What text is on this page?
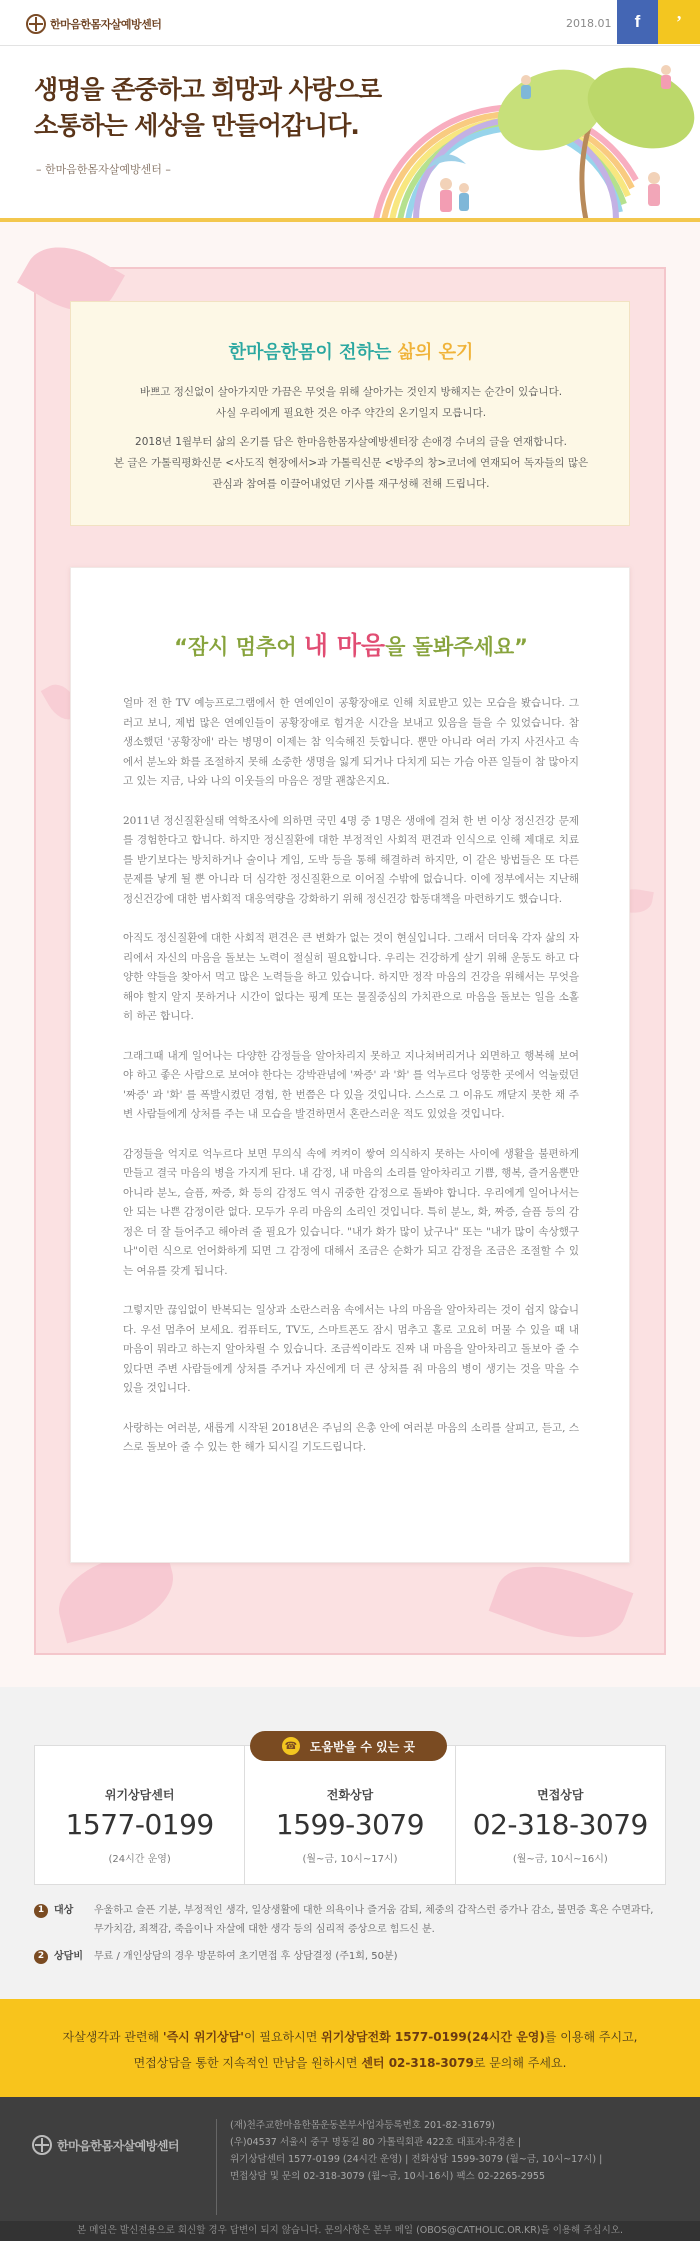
한마음한몸자살예방센터	2018.01 f ’
생명을 존중하고 희망과 사랑으로
소통하는 세상을 만들어갑니다.
– 한마음한몸자살예방센터 –
한마음한몸이 전하는 삶의 온기

바쁘고 정신없이 살아가지만 가끔은 무엇을 위해 살아가는 것인지 방해지는 순간이 있습니다.
사실 우리에게 필요한 것은 아주 약간의 온기일지 모릅니다.

2018년 1월부터 삶의 온기를 담은 한마음한몸자살예방센터장 손애경 수녀의 글을 연재합니다.
본 글은 가톨릭평화신문 <사도직 현장에서>과 가톨릭신문 <방주의 창>코너에 연재되어 독자들의 많은
관심과 참여를 이끌어내었던 기사를 재구성해 전해 드립니다.

“잠시 멈추어 내 마음을 돌봐주세요”

얼마 전 한 TV 예능프로그램에서 한 연예인이 공황장애로 인해 치료받고 있는 모습을 봤습니다. 그러고 보니, 제법 많은 연예인들이 공황장애로 힘겨운 시간을 보내고 있음을 들을 수 있었습니다. 참 생소했던 '공황장애' 라는 병명이 이제는 참 익숙해진 듯합니다. 뿐만 아니라 여러 가지 사건사고 속에서 분노와 화를 조절하지 못해 소중한 생명을 잃게 되거나 다치게 되는 가슴 아픈 일들이 참 많아지고 있는 지금, 나와 나의 이웃들의 마음은 정말 괜찮은지요.

2011년 정신질환실태 역학조사에 의하면 국민 4명 중 1명은 생애에 걸쳐 한 번 이상 정신건강 문제를 경험한다고 합니다. 하지만 정신질환에 대한 부정적인 사회적 편견과 인식으로 인해 제대로 치료를 받기보다는 방치하거나 술이나 게임, 도박 등을 통해 해결하려 하지만, 이 같은 방법들은 또 다른 문제를 낳게 될 뿐 아니라 더 심각한 정신질환으로 이어질 수밖에 없습니다. 이에 정부에서는 지난해 정신건강에 대한 범사회적 대응역량을 강화하기 위해 정신건강 합동대책을 마련하기도 했습니다.

아직도 정신질환에 대한 사회적 편견은 큰 변화가 없는 것이 현실입니다. 그래서 더더욱 각자 삶의 자리에서 자신의 마음을 돌보는 노력이 절실히 필요합니다. 우리는 건강하게 살기 위해 운동도 하고 다양한 약들을 찾아서 먹고 많은 노력들을 하고 있습니다. 하지만 정작 마음의 건강을 위해서는 무엇을 해야 할지 알지 못하거나 시간이 없다는 핑계 또는 물질중심의 가치관으로 마음을 돌보는 일을 소홀히 하곤 합니다.

그래그때 내게 일어나는 다양한 감정들을 알아차리지 못하고 지나쳐버리거나 외면하고 행복해 보여야 하고 좋은 사람으로 보여야 한다는 강박관념에 '짜증' 과 '화' 를 억누르다 엉뚱한 곳에서 억눌렀던 '짜증' 과 '화' 를 폭발시켰던 경험, 한 번쯤은 다 있을 것입니다. 스스로 그 이유도 깨닫지 못한 채 주변 사람들에게 상처를 주는 내 모습을 발견하면서 혼란스러운 적도 있었을 것입니다.

감정들을 억지로 억누르다 보면 무의식 속에 켜켜이 쌓여 의식하지 못하는 사이에 생활을 불편하게 만들고 결국 마음의 병을 가지게 된다. 내 감정, 내 마음의 소리를 알아차리고 기쁨, 행복, 즐거움뿐만 아니라 분노, 슬픔, 짜증, 화 등의 감정도 역시 귀중한 감정으로 돌봐야 합니다. 우리에게 일어나서는 안 되는 나쁜 감정이란 없다. 모두가 우리 마음의 소리인 것입니다. 특히 분노, 화, 짜증, 슬픔 등의 감정은 더 잘 들어주고 해아려 줄 필요가 있습니다. "내가 화가 많이 났구나" 또는 "내가 많이 속상했구나"이런 식으로 언어화하게 되면 그 감정에 대해서 조금은 순화가 되고 감정을 조금은 조절할 수 있는 여유를 갖게 됩니다.

그렇지만 끊임없이 반복되는 일상과 소란스러움 속에서는 나의 마음을 알아차리는 것이 쉽지 않습니다. 우선 멈추어 보세요. 컴퓨터도, TV도, 스마트폰도 잠시 멈추고 홀로 고요히 머물 수 있을 때 내 마음이 뭐라고 하는지 알아차릴 수 있습니다. 조금씩이라도 진짜 내 마음을 알아차리고 돌보아 줄 수 있다면 주변 사람들에게 상처를 주거나 자신에게 더 큰 상처를 줘 마음의 병이 생기는 것을 막을 수 있을 것입니다.

사랑하는 여러분, 새롭게 시작된 2018년은 주님의 은총 안에 여러분 마음의 소리를 살피고, 듣고, 스스로 돌보아 줄 수 있는 한 해가 되시길 기도드립니다.

위기상담센터
1577-0199
(24시간 운영)
전화상담
1599-3079
(월~금, 10시~17시)
면접상담
02-318-3079
(월~금, 10시~16시)
☎ 도움받을 수 있는 곳
1 대상 우울하고 슬픈 기분, 부정적인 생각, 일상생활에 대한 의욕이나 즐거움 감퇴, 체중의 갑작스런 증가나 감소, 불면증 혹은 수면과다,
무가치감, 죄책감, 죽음이나 자살에 대한 생각 등의 심리적 증상으로 힘드신 분.
2 상담비 무료 / 개인상담의 경우 방문하여 초기면접 후 상담결정 (주1회, 50분)

자살생각과 관련해 '즉시 위기상담'이 필요하시면 위기상담전화 1577-0199(24시간 운영)를 이용해 주시고,

면접상담을 통한 지속적인 만남을 원하시면 센터 02-318-3079로 문의해 주세요.

한마음한몸자살예방센터
(재)천주교한마음한몸운동본부사업자등록번호 201-82-31679)
(우)04537 서울시 중구 명동길 80 가톨릭회관 422호 대표자:유경촌 |
위기상담센터 1577-0199 (24시간 운영) | 전화상담 1599-3079 (월~금, 10시~17시) |
면접상담 및 문의 02-318-3079 (월~금, 10시-16시) 팩스 02-2265-2955
본 메일은 발신전용으로 회신할 경우 답변이 되지 않습니다. 문의사항은 본부 메일 (OBOS@CATHOLIC.OR.KR)을 이용해 주십시오.
